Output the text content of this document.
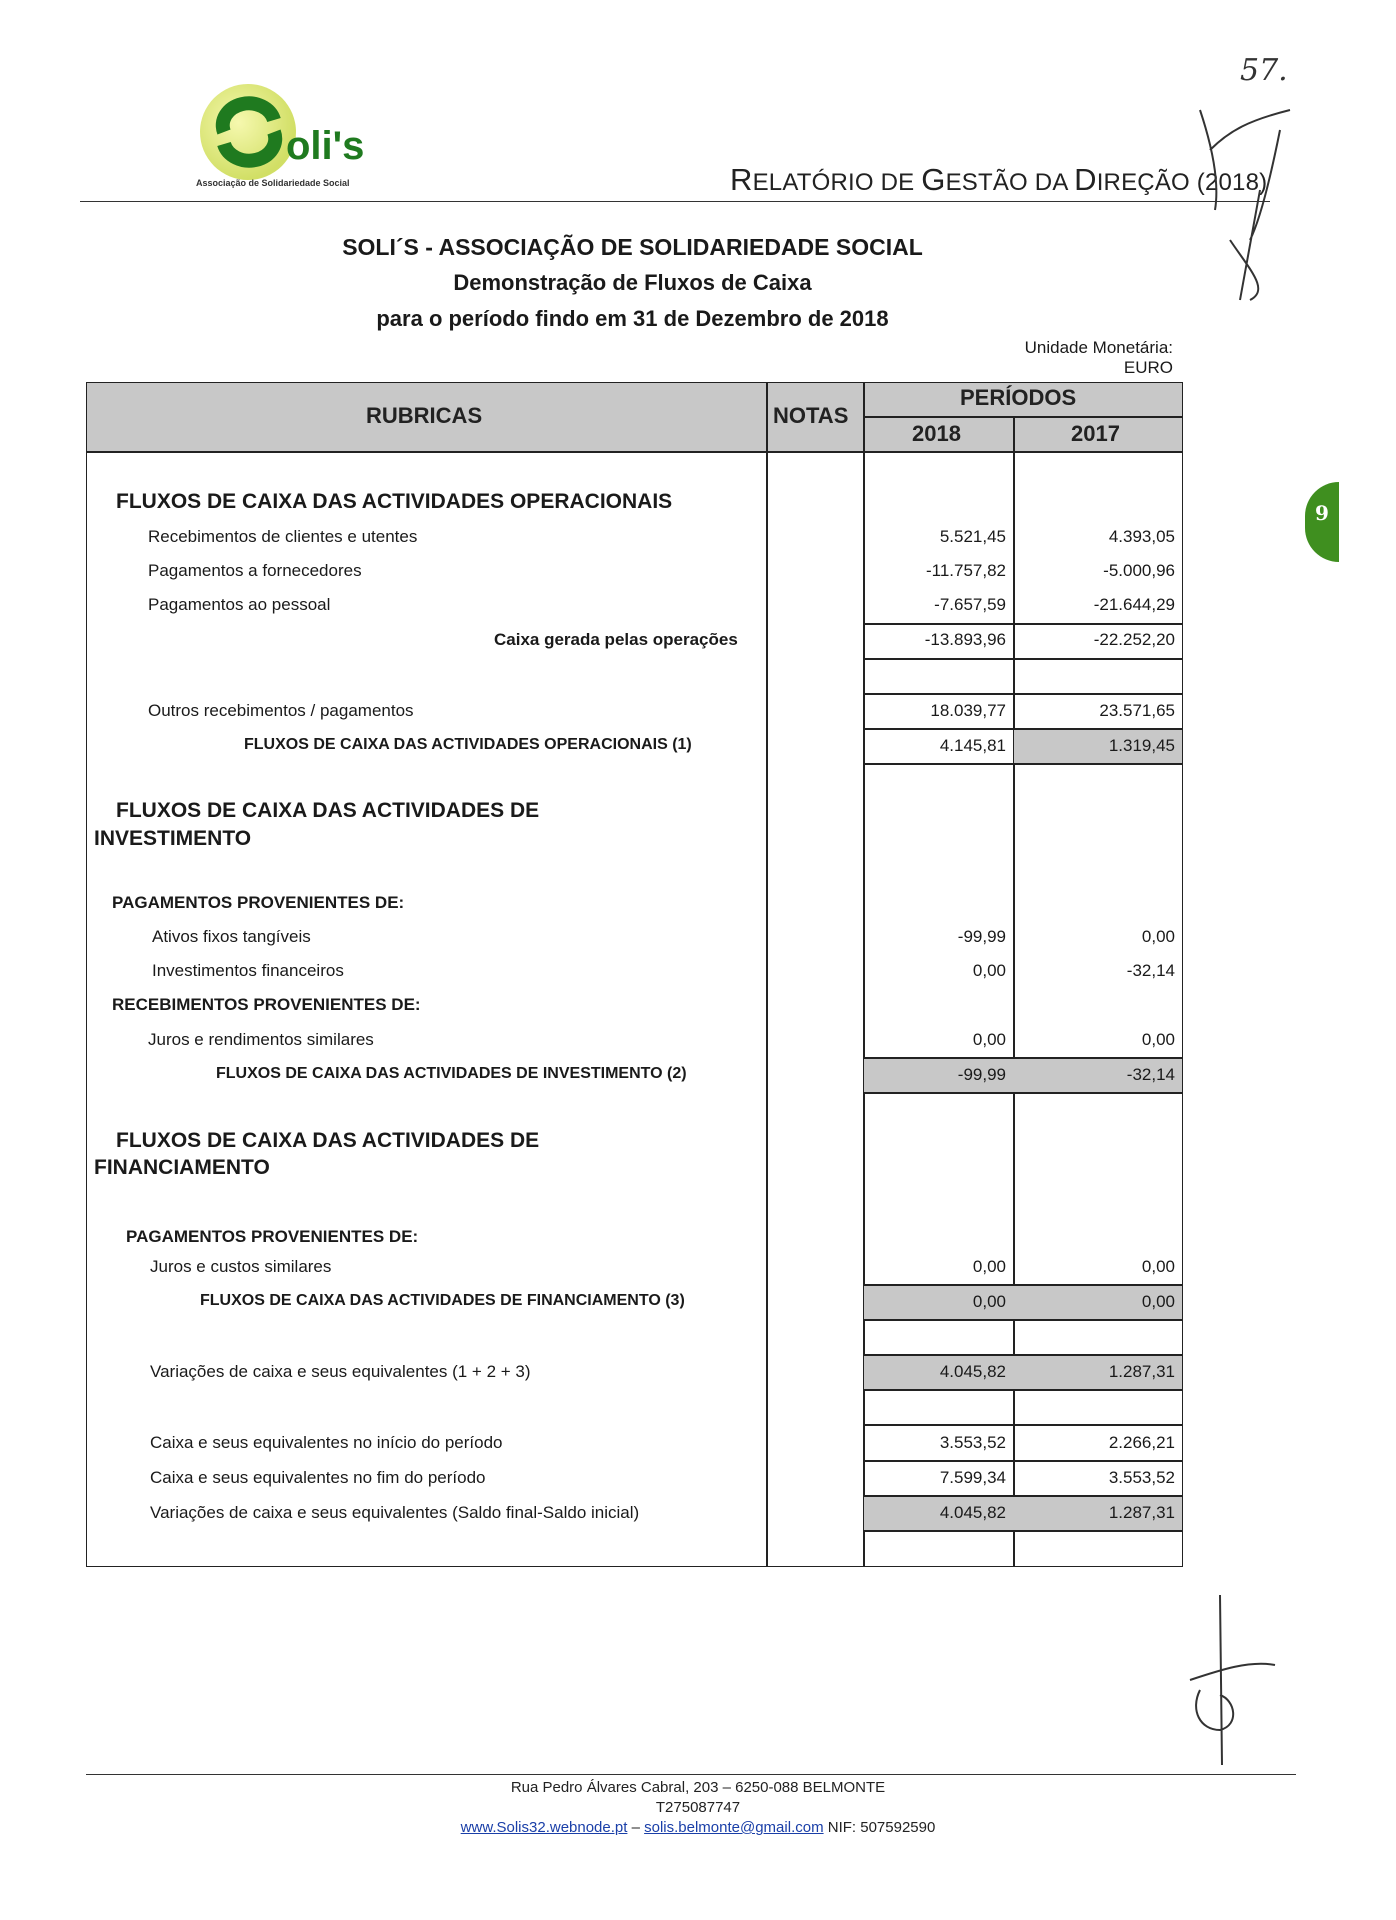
oli's
Associação de Solidariedade Social	RELATÓRIO DE GESTÃO DA DIREÇÃO (2018)
57.
SOLI´S - ASSOCIAÇÃO DE SOLIDARIEDADE SOCIAL
Demonstração de Fluxos de Caixa
para o período findo em 31 de Dezembro de 2018
Unidade Monetária:
EURO
9
RUBRICAS	NOTAS
PERÍODOS
2018	2017
FLUXOS DE CAIXA DAS ACTIVIDADES OPERACIONAIS
Recebimentos de clientes e utentes	5.521,45	4.393,05
Pagamentos a fornecedores	-11.757,82	-5.000,96
Pagamentos ao pessoal	-7.657,59	-21.644,29
Caixa gerada pelas operações	-13.893,96	-22.252,20
Outros recebimentos / pagamentos	18.039,77	23.571,65
FLUXOS DE CAIXA DAS ACTIVIDADES OPERACIONAIS (1)	4.145,81	1.319,45
FLUXOS DE CAIXA DAS ACTIVIDADES DE
INVESTIMENTO
PAGAMENTOS PROVENIENTES DE:
Ativos fixos tangíveis	-99,99	0,00
Investimentos financeiros	0,00	-32,14
RECEBIMENTOS PROVENIENTES DE:
Juros e rendimentos similares	0,00	0,00
FLUXOS DE CAIXA DAS ACTIVIDADES DE INVESTIMENTO (2)	-99,99	-32,14
FLUXOS DE CAIXA DAS ACTIVIDADES DE
FINANCIAMENTO
PAGAMENTOS PROVENIENTES DE:
Juros e custos similares	0,00	0,00
FLUXOS DE CAIXA DAS ACTIVIDADES DE FINANCIAMENTO (3)	0,00	0,00
Variações de caixa e seus equivalentes (1 + 2 + 3)	4.045,82	1.287,31
Caixa e seus equivalentes no início do período	3.553,52	2.266,21
Caixa e seus equivalentes no fim do período	7.599,34	3.553,52
Variações de caixa e seus equivalentes (Saldo final-Saldo inicial)	4.045,82	1.287,31
Rua Pedro Álvares Cabral, 203 – 6250-088 BELMONTE
T275087747
www.Solis32.webnode.pt – solis.belmonte@gmail.com NIF: 507592590
